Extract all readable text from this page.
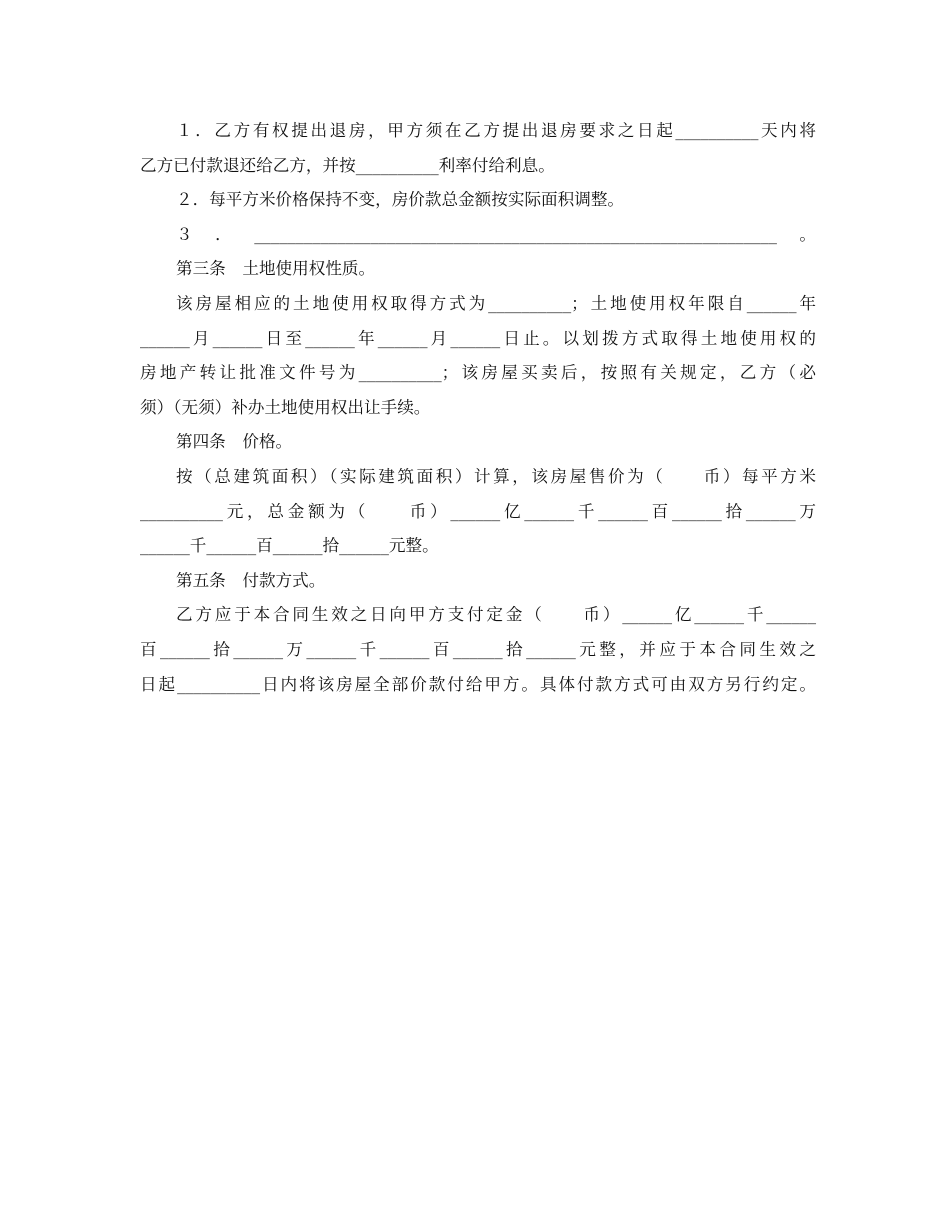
１．乙方有权提出退房，甲方须在乙方提出退房要求之日起__________天内将
乙方已付款退还给乙方，并按__________利率付给利息。
２．每平方米价格保持不变，房价款总金额按实际面积调整。
３．_______________________________________________________________。
第三条　土地使用权性质。
该房屋相应的土地使用权取得方式为__________；土地使用权年限自______年
______月______日至______年______月______日止。以划拨方式取得土地使用权的
房地产转让批准文件号为__________；该房屋买卖后，按照有关规定，乙方（必
须）（无须）补办土地使用权出让手续。
第四条　价格。
按（总建筑面积）（实际建筑面积）计算，该房屋售价为（　　币）每平方米
__________元，总金额为（　　币）______亿______千______百______拾______万
______千______百______拾______元整。
第五条　付款方式。
乙方应于本合同生效之日向甲方支付定金（　　币）______亿______千______
百______拾______万______千______百______拾______元整，并应于本合同生效之
日起__________日内将该房屋全部价款付给甲方。具体付款方式可由双方另行约定。
